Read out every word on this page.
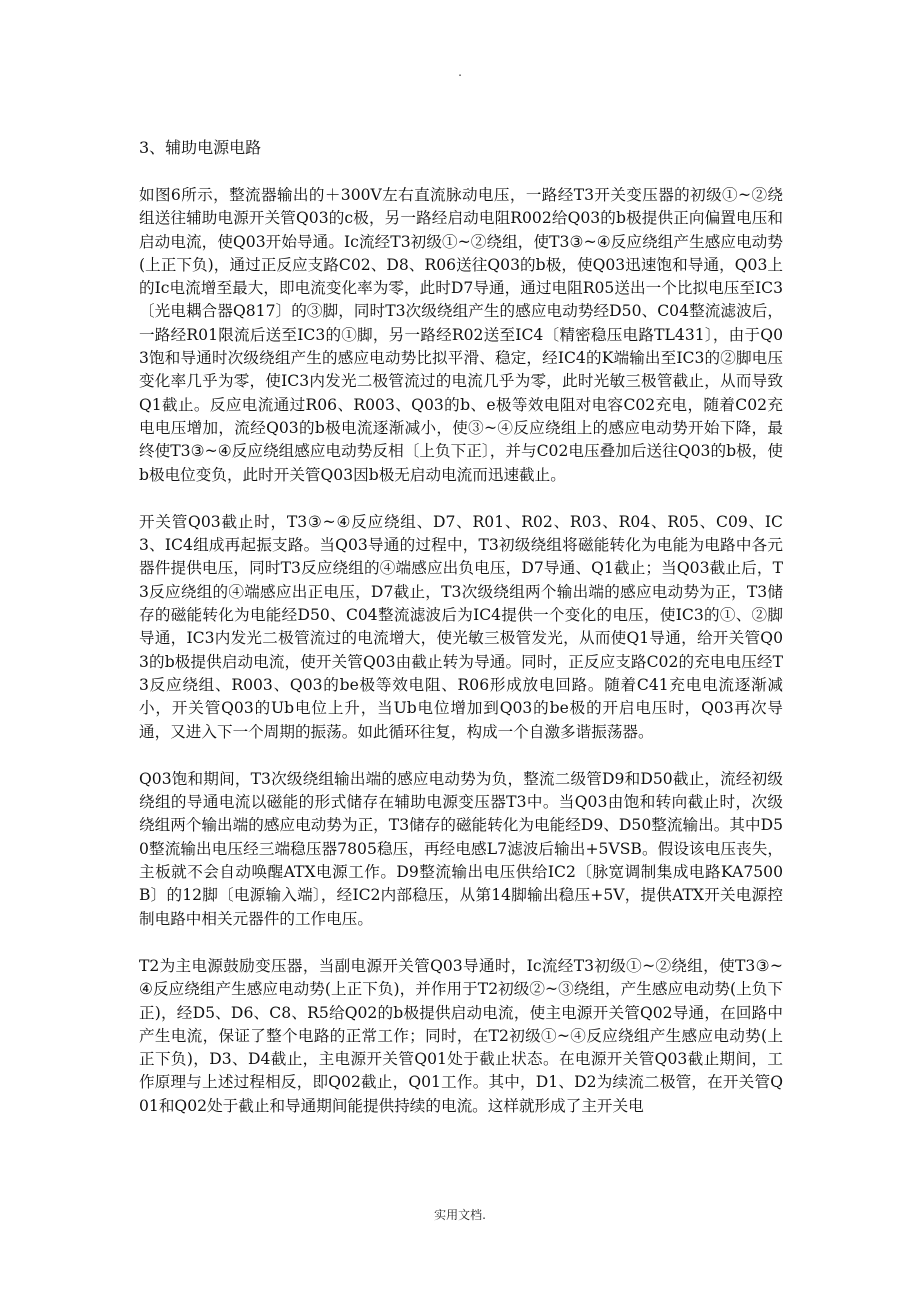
.
3、辅助电源电路

如图6所示，整流器输出的＋300V左右直流脉动电压，一路经T3开关变压器的初级①~②绕组送往辅助电源开关管Q03的c极，另一路经启动电阻R002给Q03的b极提供正向偏置电压和启动电流，使Q03开始导通。Ic流经T3初级①~②绕组，使T3③~④反应绕组产生感应电动势(上正下负)，通过正反应支路C02、D8、R06送往Q03的b极，使Q03迅速饱和导通，Q03上的Ic电流增至最大，即电流变化率为零，此时D7导通，通过电阻R05送出一个比拟电压至IC3〔光电耦合器Q817〕的③脚，同时T3次级绕组产生的感应电动势经D50、C04整流滤波后，一路经R01限流后送至IC3的①脚，另一路经R02送至IC4〔精密稳压电路TL431〕，由于Q03饱和导通时次级绕组产生的感应电动势比拟平滑、稳定，经IC4的K端输出至IC3的②脚电压变化率几乎为零，使IC3内发光二极管流过的电流几乎为零，此时光敏三极管截止，从而导致Q1截止。反应电流通过R06、R003、Q03的b、e极等效电阻对电容C02充电，随着C02充电电压增加，流经Q03的b极电流逐渐减小，使③~④反应绕组上的感应电动势开始下降，最终使T3③~④反应绕组感应电动势反相〔上负下正〕，并与C02电压叠加后送往Q03的b极，使b极电位变负，此时开关管Q03因b极无启动电流而迅速截止。

开关管Q03截止时，T3③~④反应绕组、D7、R01、R02、R03、R04、R05、C09、IC3、IC4组成再起振支路。当Q03导通的过程中，T3初级绕组将磁能转化为电能为电路中各元器件提供电压，同时T3反应绕组的④端感应出负电压，D7导通、Q1截止；当Q03截止后，T3反应绕组的④端感应出正电压，D7截止，T3次级绕组两个输出端的感应电动势为正，T3储存的磁能转化为电能经D50、C04整流滤波后为IC4提供一个变化的电压，使IC3的①、②脚导通，IC3内发光二极管流过的电流增大，使光敏三极管发光，从而使Q1导通，给开关管Q03的b极提供启动电流，使开关管Q03由截止转为导通。同时，正反应支路C02的充电电压经T3反应绕组、R003、Q03的be极等效电阻、R06形成放电回路。随着C41充电电流逐渐减小，开关管Q03的Ub电位上升，当Ub电位增加到Q03的be极的开启电压时，Q03再次导通，又进入下一个周期的振荡。如此循环往复，构成一个自激多谐振荡器。

Q03饱和期间，T3次级绕组输出端的感应电动势为负，整流二级管D9和D50截止，流经初级绕组的导通电流以磁能的形式储存在辅助电源变压器T3中。当Q03由饱和转向截止时，次级绕组两个输出端的感应电动势为正，T3储存的磁能转化为电能经D9、D50整流输出。其中D50整流输出电压经三端稳压器7805稳压，再经电感L7滤波后输出+5VSB。假设该电压丧失，主板就不会自动唤醒ATX电源工作。D9整流输出电压供给IC2〔脉宽调制集成电路KA7500B〕的12脚〔电源输入端〕，经IC2内部稳压，从第14脚输出稳压+5V，提供ATX开关电源控制电路中相关元器件的工作电压。

T2为主电源鼓励变压器，当副电源开关管Q03导通时，Ic流经T3初级①~②绕组，使T3③~④反应绕组产生感应电动势(上正下负)，并作用于T2初级②~③绕组，产生感应电动势(上负下正)，经D5、D6、C8、R5给Q02的b极提供启动电流，使主电源开关管Q02导通，在回路中产生电流，保证了整个电路的正常工作；同时，在T2初级①~④反应绕组产生感应电动势(上正下负)，D3、D4截止，主电源开关管Q01处于截止状态。在电源开关管Q03截止期间，工作原理与上述过程相反，即Q02截止，Q01工作。其中，D1、D2为续流二极管，在开关管Q01和Q02处于截止和导通期间能提供持续的电流。这样就形成了主开关电

实用文档.
